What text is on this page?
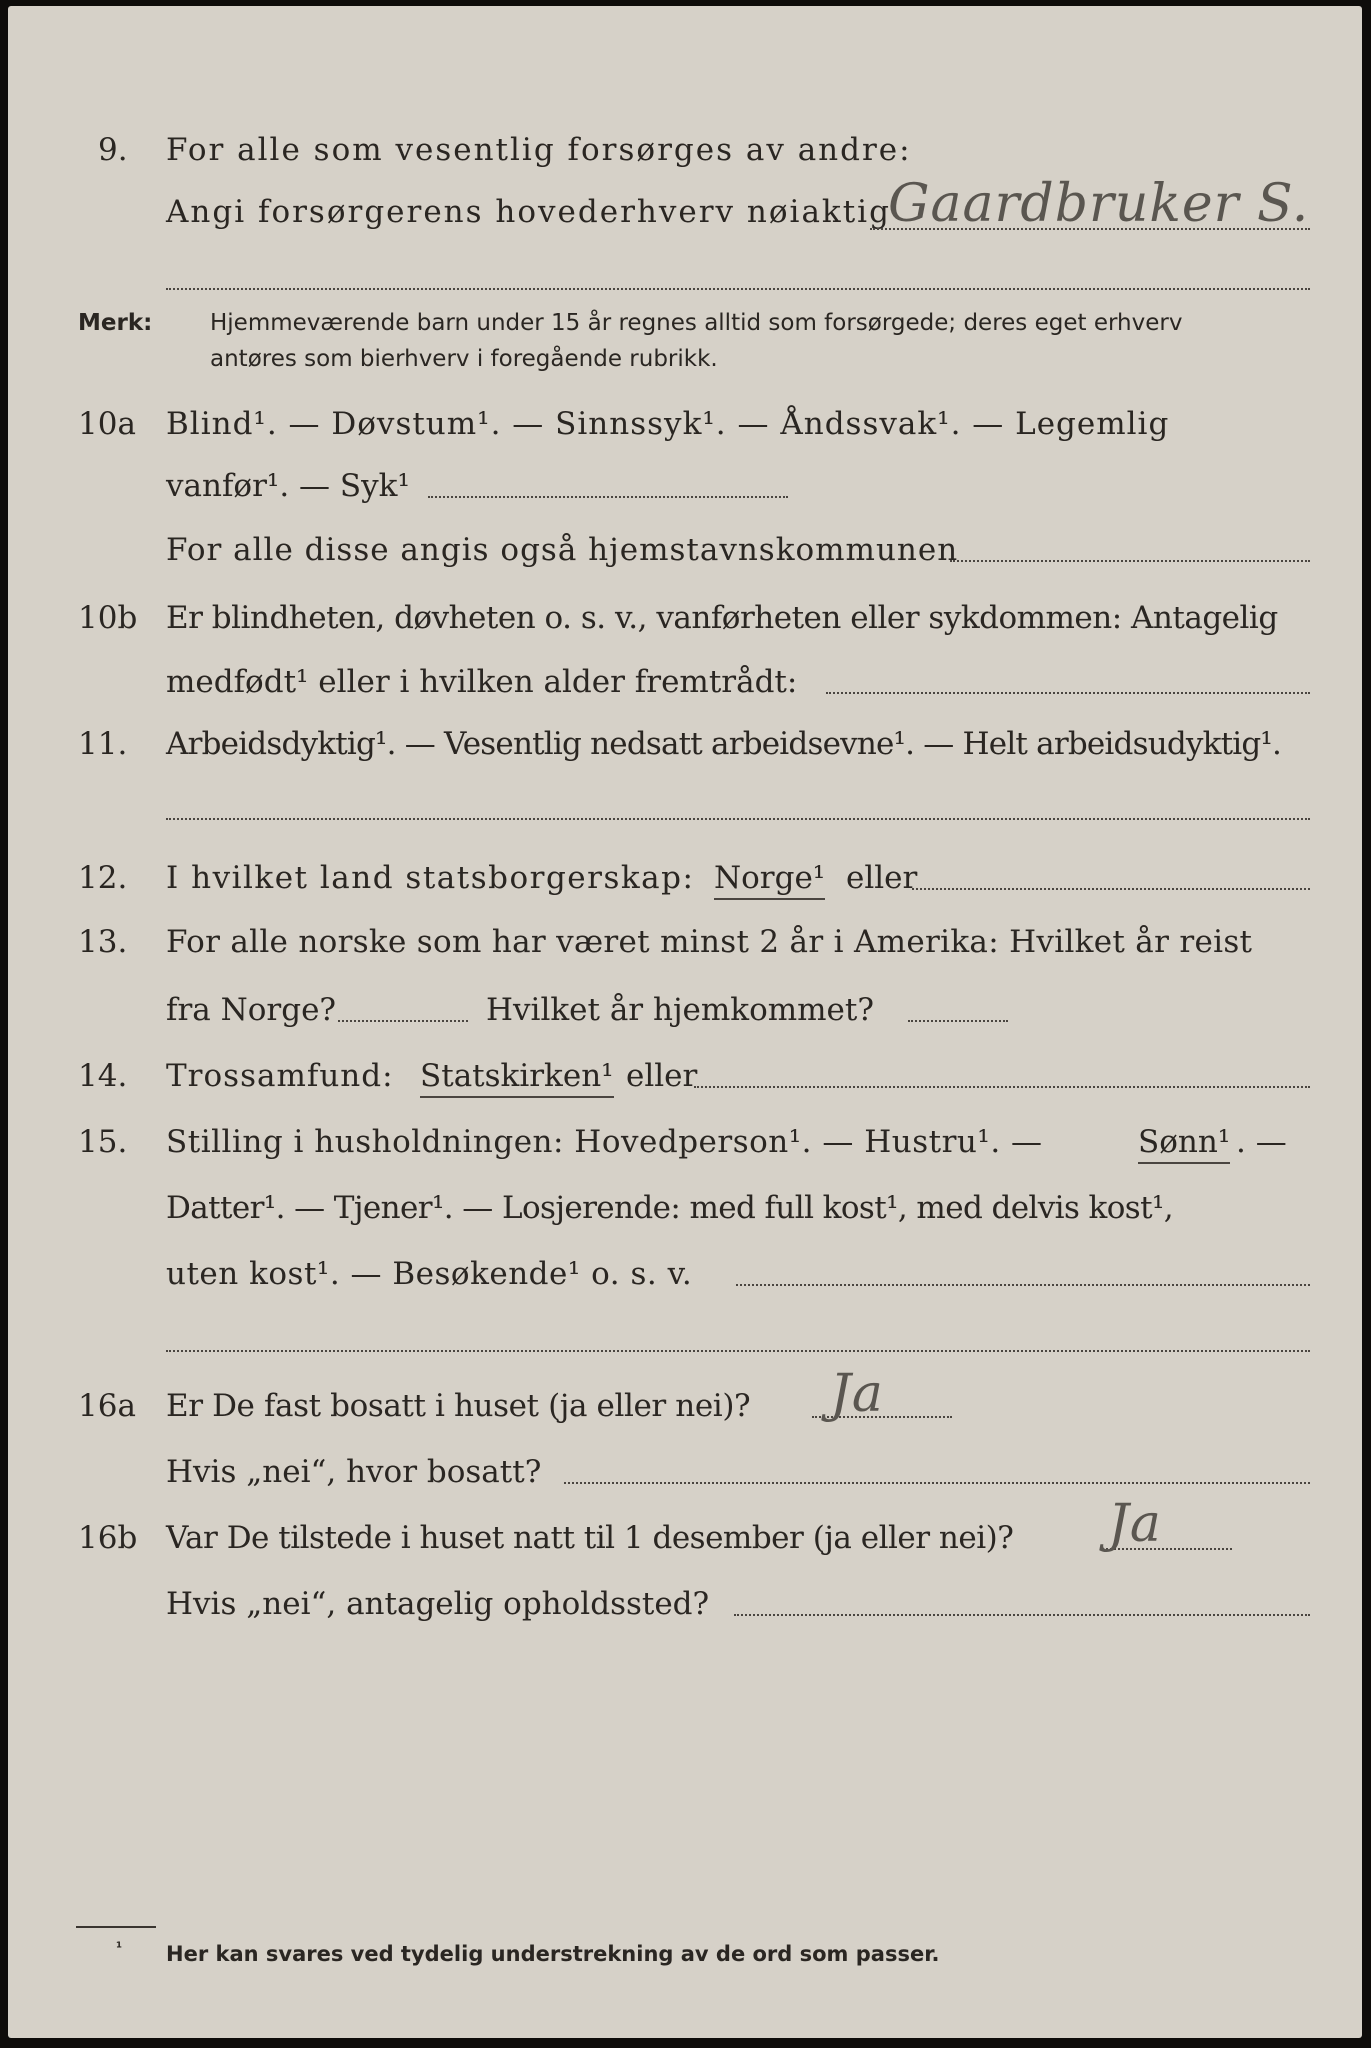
9. For alle som vesentlig forsørges av andre:
Angi forsørgerens hovederhverv nøiaktig
Gaardbruker S.
Merk:	Hjemmeværende barn under 15 år regnes alltid som forsørgede; deres eget erhverv
antøres som bierhverv i foregående rubrikk.
10a Blind¹. — Døvstum¹. — Sinnssyk¹. — Åndssvak¹. — Legemlig
vanfør¹. — Syk¹
For alle disse angis også hjemstavnskommunen
10b Er blindheten, døvheten o. s. v., vanførheten eller sykdommen: Antagelig
medfødt¹ eller i hvilken alder fremtrådt:
11. Arbeidsdyktig¹. — Vesentlig nedsatt arbeidsevne¹. — Helt arbeidsudyktig¹.
12. I hvilket land statsborgerskap: Norge¹ eller
13. For alle norske som har været minst 2 år i Amerika: Hvilket år reist
fra Norge?	Hvilket år hjemkommet?
14. Trossamfund: Statskirken¹ eller
15. Stilling i husholdningen: Hovedperson¹. — Hustru¹. —	Sønn¹ . —
Datter¹. — Tjener¹. — Losjerende: med full kost¹, med delvis kost¹,
uten kost¹. — Besøkende¹ o. s. v.
16a Er De fast bosatt i huset (ja eller nei)? Ja
Hvis „nei“, hvor bosatt?
16b Var De tilstede i huset natt til 1 desember (ja eller nei)? Ja
Hvis „nei“, antagelig opholdssted?
¹ Her kan svares ved tydelig understrekning av de ord som passer.
